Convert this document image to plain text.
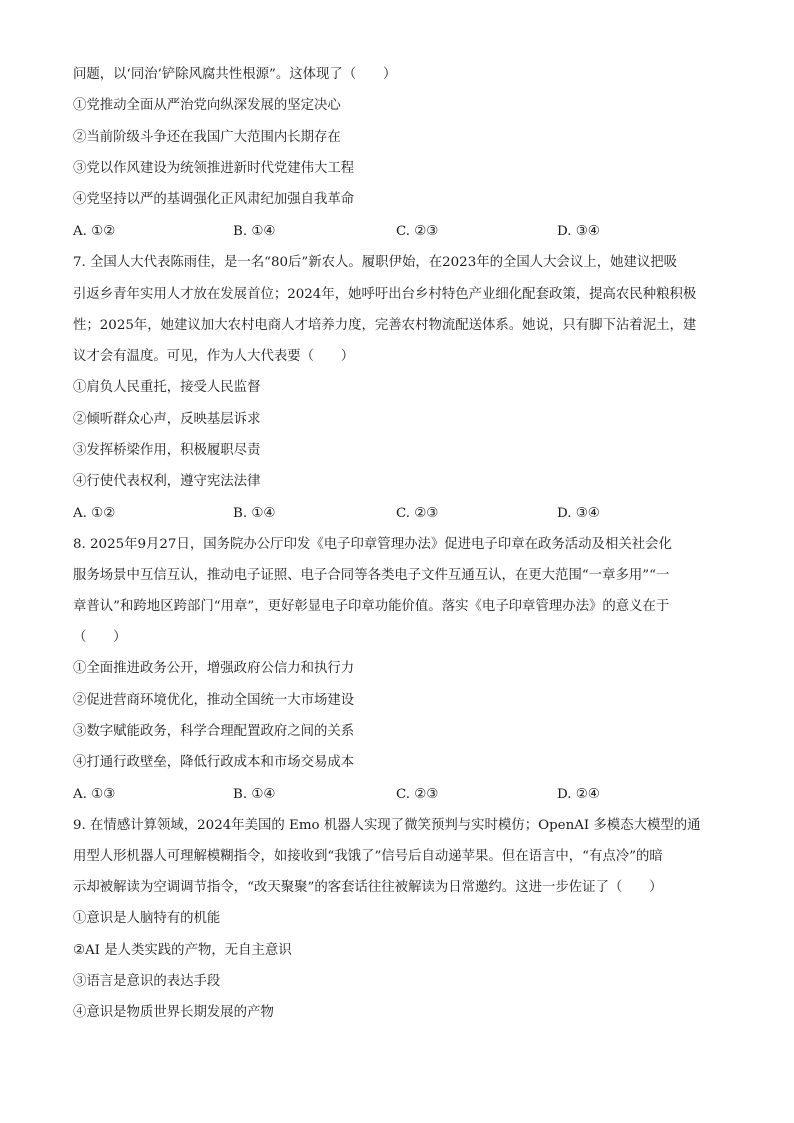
问题，以‘同治’铲除风腐共性根源”。这体现了（　　）
①党推动全面从严治党向纵深发展的坚定决心
②当前阶级斗争还在我国广大范围内长期存在
③党以作风建设为统领推进新时代党建伟大工程
④党坚持以严的基调强化正风肃纪加强自我革命
A. ①②	B. ①④	C. ②③	D. ③④
7. 全国人大代表陈雨佳，是一名“80后”新农人。履职伊始，在2023年的全国人大会议上，她建议把吸
引返乡青年实用人才放在发展首位；2024年，她呼吁出台乡村特色产业细化配套政策，提高农民种粮积极
性；2025年，她建议加大农村电商人才培养力度，完善农村物流配送体系。她说，只有脚下沾着泥土，建
议才会有温度。可见，作为人大代表要（　　）
①肩负人民重托，接受人民监督
②倾听群众心声，反映基层诉求
③发挥桥梁作用，积极履职尽责
④行使代表权利，遵守宪法法律
A. ①②	B. ①④	C. ②③	D. ③④
8. 2025年9月27日，国务院办公厅印发《电子印章管理办法》促进电子印章在政务活动及相关社会化
服务场景中互信互认，推动电子证照、电子合同等各类电子文件互通互认，在更大范围“一章多用”“一
章普认”和跨地区跨部门“用章”，更好彰显电子印章功能价值。落实《电子印章管理办法》的意义在于
（　　）
①全面推进政务公开，增强政府公信力和执行力
②促进营商环境优化，推动全国统一大市场建设
③数字赋能政务，科学合理配置政府之间的关系
④打通行政壁垒，降低行政成本和市场交易成本
A. ①③	B. ①④	C. ②③	D. ②④
9. 在情感计算领域，2024年美国的 Emo 机器人实现了微笑预判与实时模仿；OpenAI 多模态大模型的通
用型人形机器人可理解模糊指令，如接收到“我饿了”信号后自动递苹果。但在语言中，“有点冷”的暗
示却被解读为空调调节指令，“改天聚聚”的客套话往往被解读为日常邀约。这进一步佐证了（　　）
①意识是人脑特有的机能
②AI 是人类实践的产物，无自主意识
③语言是意识的表达手段
④意识是物质世界长期发展的产物
